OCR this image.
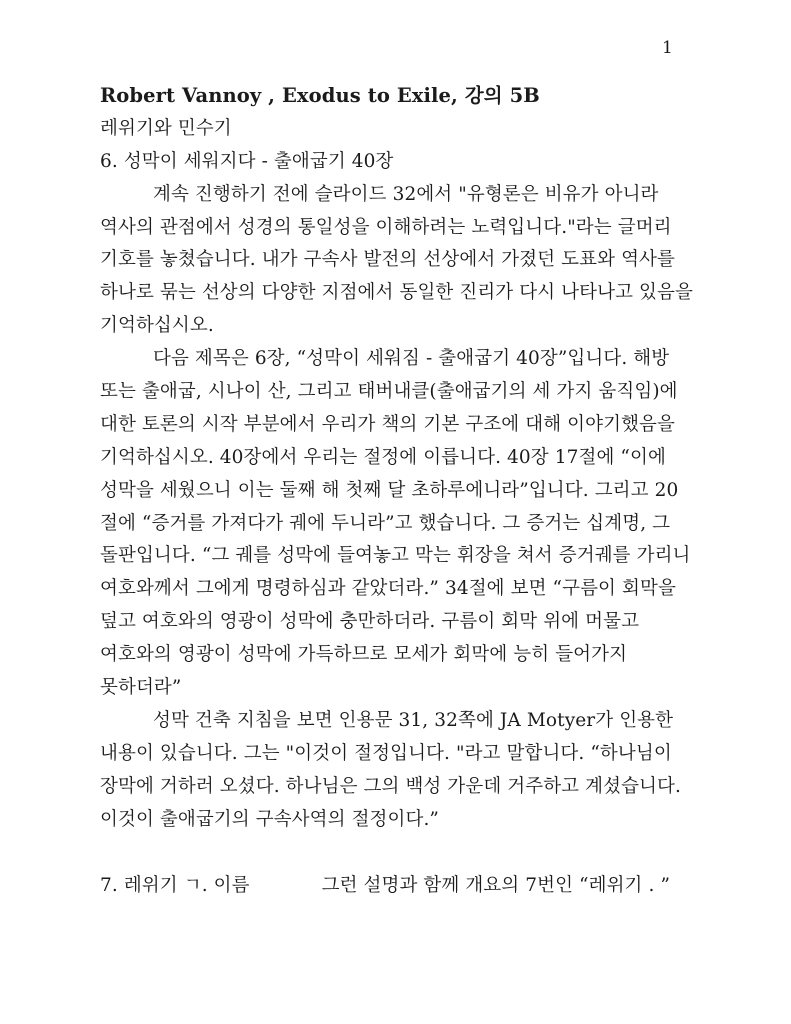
1
Robert Vannoy , Exodus to Exile, 강의 5B
레위기와 민수기
6. 성막이 세워지다 - 출애굽기 40장
계속 진행하기 전에 슬라이드 32에서 "유형론은 비유가 아니라
역사의 관점에서 성경의 통일성을 이해하려는 노력입니다."라는 글머리
기호를 놓쳤습니다. 내가 구속사 발전의 선상에서 가졌던 도표와 역사를
하나로 묶는 선상의 다양한 지점에서 동일한 진리가 다시 나타나고 있음을
기억하십시오.
다음 제목은 6장, “성막이 세워짐 - 출애굽기 40장”입니다. 해방
또는 출애굽, 시나이 산, 그리고 태버내클(출애굽기의 세 가지 움직임)에
대한 토론의 시작 부분에서 우리가 책의 기본 구조에 대해 이야기했음을
기억하십시오. 40장에서 우리는 절정에 이릅니다. 40장 17절에 “이에
성막을 세웠으니 이는 둘째 해 첫째 달 초하루에니라”입니다. 그리고 20
절에 “증거를 가져다가 궤에 두니라”고 했습니다. 그 증거는 십계명, 그
돌판입니다. “그 궤를 성막에 들여놓고 막는 휘장을 쳐서 증거궤를 가리니
여호와께서 그에게 명령하심과 같았더라.” 34절에 보면 “구름이 회막을
덮고 여호와의 영광이 성막에 충만하더라. 구름이 회막 위에 머물고
여호와의 영광이 성막에 가득하므로 모세가 회막에 능히 들어가지
못하더라”
성막 건축 지침을 보면 인용문 31, 32쪽에 JA Motyer가 인용한
내용이 있습니다. 그는 "이것이 절정입니다. "라고 말합니다. “하나님이
장막에 거하러 오셨다. 하나님은 그의 백성 가운데 거주하고 계셨습니다.
이것이 출애굽기의 구속사역의 절정이다.”
7. 레위기 ㄱ. 이름	그런 설명과 함께 개요의 7번인 “레위기 . ”
